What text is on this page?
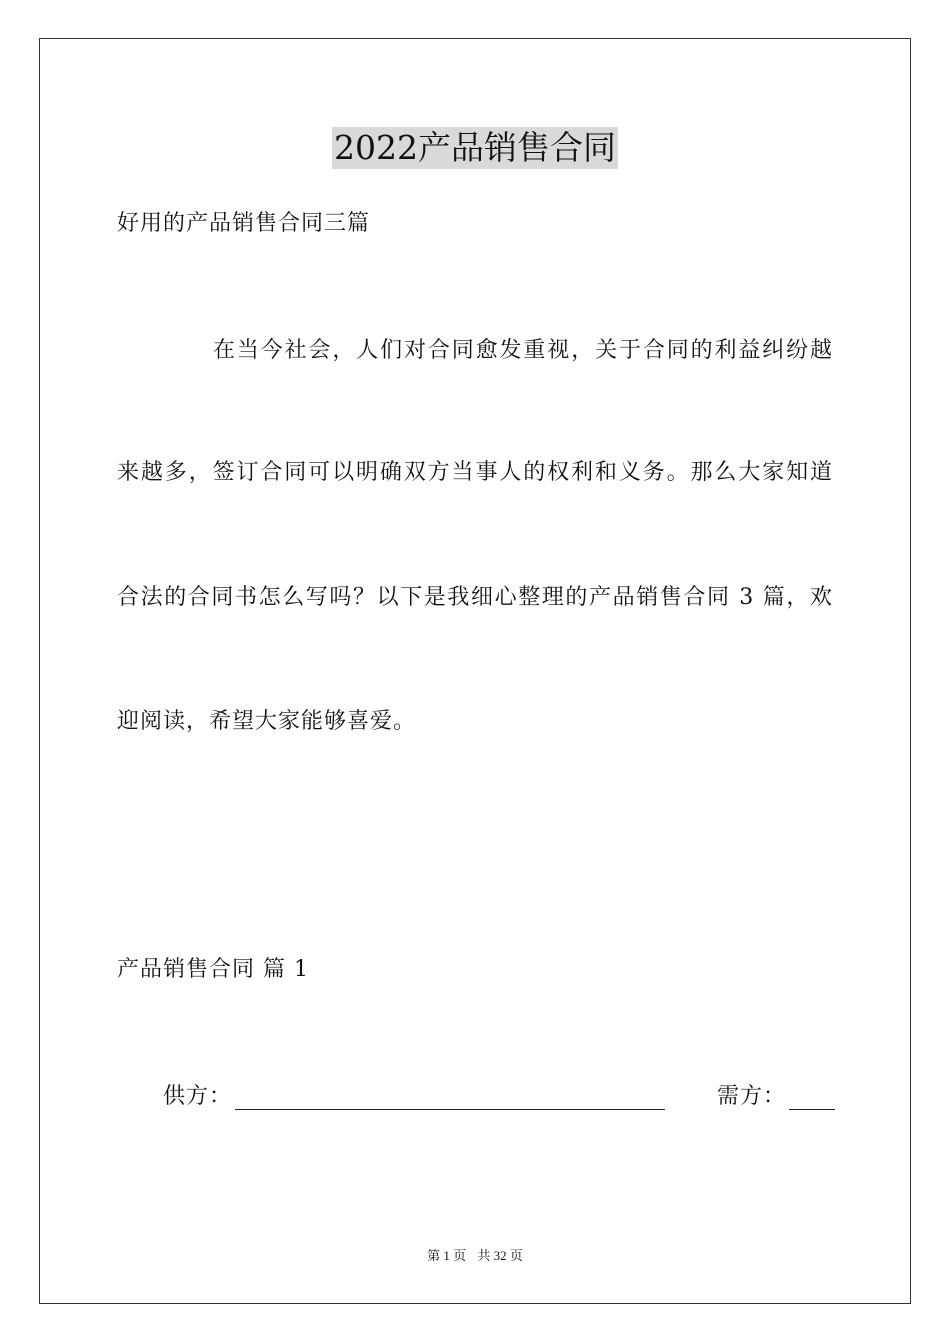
2022产品销售合同
好用的产品销售合同三篇
在当今社会，人们对合同愈发重视，关于合同的利益纠纷越
来越多，签订合同可以明确双方当事人的权利和义务。那么大家知道
合法的合同书怎么写吗？以下是我细心整理的产品销售合同 3 篇，欢
迎阅读，希望大家能够喜爱。
产品销售合同 篇 1
供方：	需方：
第 1 页 共 32 页
